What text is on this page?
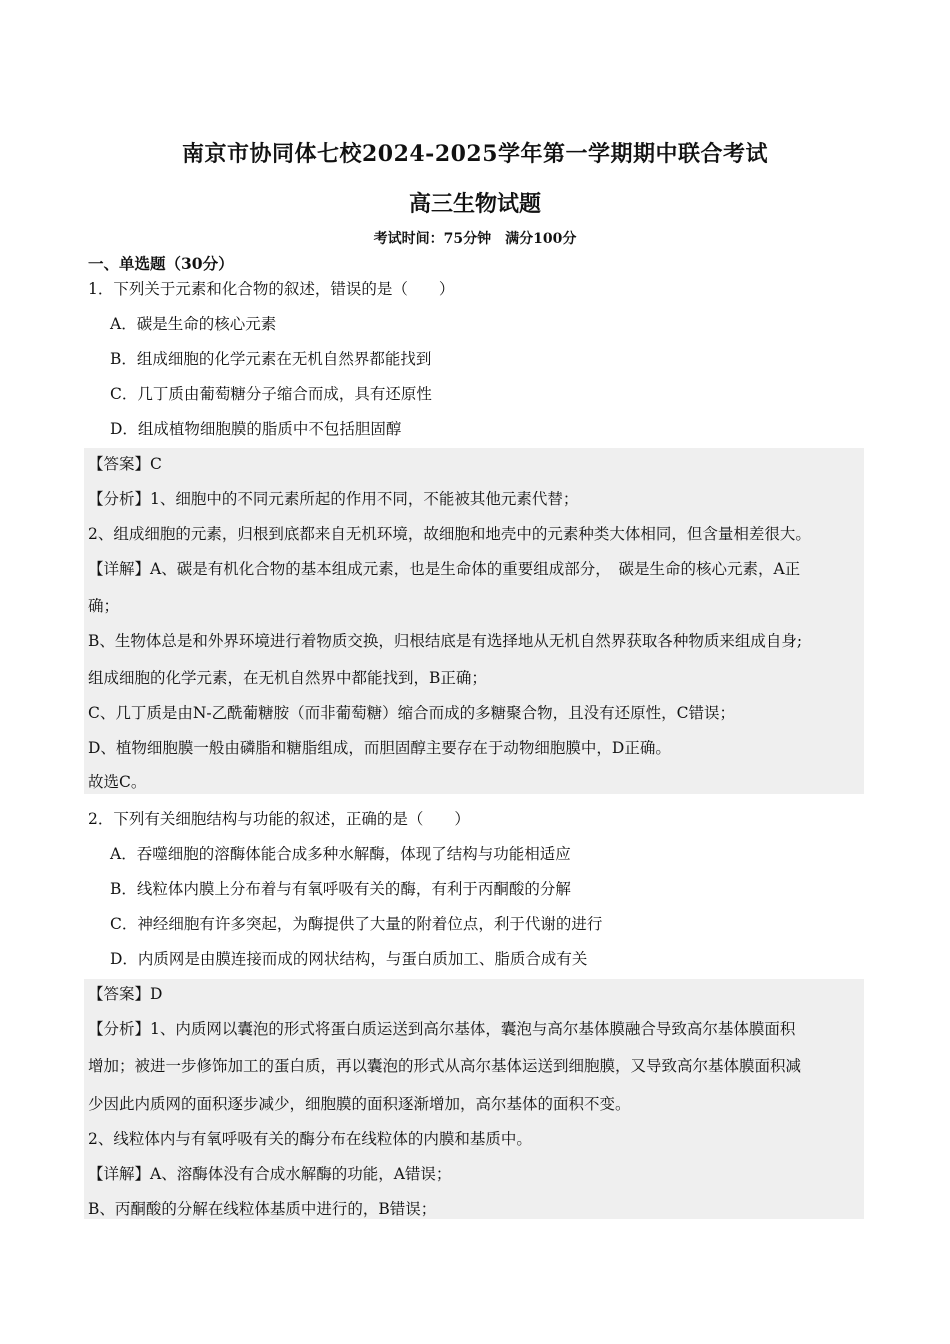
南京市协同体七校2024-2025学年第一学期期中联合考试
高三生物试题
考试时间：75分钟　满分100分
一、单选题（30分）
1．下列关于元素和化合物的叙述，错误的是（　　）
A．碳是生命的核心元素
B．组成细胞的化学元素在无机自然界都能找到
C．几丁质由葡萄糖分子缩合而成，具有还原性
D．组成植物细胞膜的脂质中不包括胆固醇
【答案】C
【分析】1、细胞中的不同元素所起的作用不同，不能被其他元素代替；
2、组成细胞的元素，归根到底都来自无机环境，故细胞和地壳中的元素种类大体相同，但含量相差很大。
【详解】A、碳是有机化合物的基本组成元素，也是生命体的重要组成部分，　碳是生命的核心元素，A正
确；
B、生物体总是和外界环境进行着物质交换，归根结底是有选择地从无机自然界获取各种物质来组成自身;
组成细胞的化学元素，在无机自然界中都能找到，B正确；
C、几丁质是由N-乙酰葡糖胺（而非葡萄糖）缩合而成的多糖聚合物，且没有还原性，C错误；
D、植物细胞膜一般由磷脂和糖脂组成，而胆固醇主要存在于动物细胞膜中，D正确。
故选C。
2．下列有关细胞结构与功能的叙述，正确的是（　　）
A．吞噬细胞的溶酶体能合成多种水解酶，体现了结构与功能相适应
B．线粒体内膜上分布着与有氧呼吸有关的酶，有利于丙酮酸的分解
C．神经细胞有许多突起，为酶提供了大量的附着位点，利于代谢的进行
D．内质网是由膜连接而成的网状结构，与蛋白质加工、脂质合成有关
【答案】D
【分析】1、内质网以囊泡的形式将蛋白质运送到高尔基体，囊泡与高尔基体膜融合导致高尔基体膜面积
增加；被进一步修饰加工的蛋白质，再以囊泡的形式从高尔基体运送到细胞膜，又导致高尔基体膜面积减
少因此内质网的面积逐步减少，细胞膜的面积逐渐增加，高尔基体的面积不变。
2、线粒体内与有氧呼吸有关的酶分布在线粒体的内膜和基质中。
【详解】A、溶酶体没有合成水解酶的功能，A错误；
B、丙酮酸的分解在线粒体基质中进行的，B错误；
